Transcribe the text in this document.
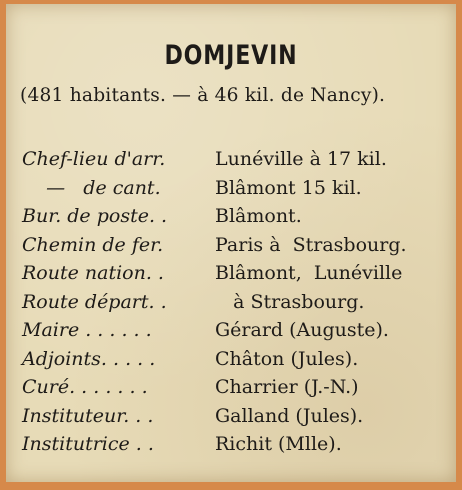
DOMJEVIN
(481 habitants. — à 46 kil. de Nancy).
Chef-lieu d'arr.	Lunéville à 17 kil.
—   de cant.	Blâmont 15 kil.
Bur. de poste. .	Blâmont.
Chemin de fer.	Paris à  Strasbourg.
Route nation. .	Blâmont,  Lunéville
Route départ. .	à Strasbourg.
Maire . . . . . .	Gérard (Auguste).
Adjoints. . . . .	Châton (Jules).
Curé. . . . . . .	Charrier (J.-N.)
Instituteur. . .	Galland (Jules).
Institutrice . .	Richit (Mlle).
